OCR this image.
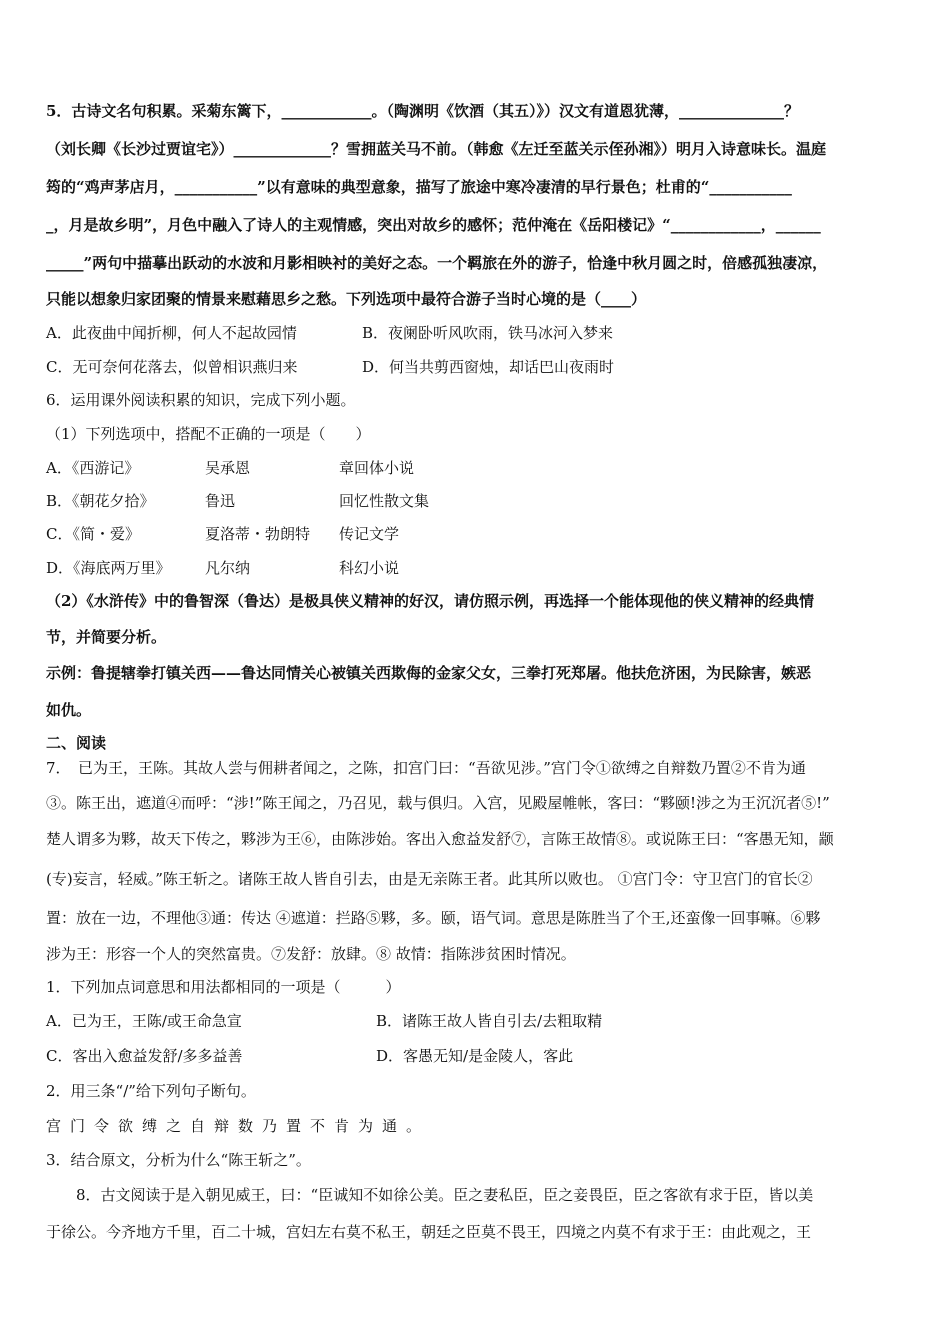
5．古诗文名句积累。采菊东篱下，____________。（陶渊明《饮酒（其五）》）汉文有道恩犹薄，______________？
（刘长卿《长沙过贾谊宅》）_____________？雪拥蓝关马不前。（韩愈《左迁至蓝关示侄孙湘》）明月入诗意味长。温庭
筠的“鸡声茅店月，___________”以有意味的典型意象，描写了旅途中寒冷凄清的早行景色；杜甫的“___________
_，月是故乡明”，月色中融入了诗人的主观情感，突出对故乡的感怀；范仲淹在《岳阳楼记》“____________，______
_____”两句中描摹出跃动的水波和月影相映衬的美好之态。一个羁旅在外的游子，恰逢中秋月圆之时，倍感孤独凄凉，
只能以想象归家团聚的情景来慰藉思乡之愁。下列选项中最符合游子当时心境的是（____）
A．此夜曲中闻折柳，何人不起故园情	B．夜阑卧听风吹雨，铁马冰河入梦来
C．无可奈何花落去，似曾相识燕归来	D．何当共剪西窗烛，却话巴山夜雨时
6．运用课外阅读积累的知识，完成下列小题。
（1）下列选项中，搭配不正确的一项是（　　）
A．《西游记》	吴承恩	章回体小说
B．《朝花夕拾》	鲁迅	回忆性散文集
C．《简・爱》	夏洛蒂・勃朗特 传记文学
D．《海底两万里》 凡尔纳	科幻小说
（2）《水浒传》中的鲁智深（鲁达）是极具侠义精神的好汉，请仿照示例，再选择一个能体现他的侠义精神的经典情
节，并简要分析。
示例：鲁提辖拳打镇关西——鲁达同情关心被镇关西欺侮的金家父女，三拳打死郑屠。他扶危济困，为民除害，嫉恶
如仇。
二、阅读
7．　已为王，王陈。其故人尝与佣耕者闻之，之陈，扣宫门曰：“吾欲见涉。”宫门令①欲缚之自辩数乃置②不肯为通
③。陈王出，遮道④而呼：“涉!”陈王闻之，乃召见，载与俱归。入宫，见殿屋帷帐，客曰：“夥颐!涉之为王沉沉者⑤!”
楚人谓多为夥，故天下传之，夥涉为王⑥，由陈涉始。客出入愈益发舒⑦，言陈王故情⑧。或说陈王曰：“客愚无知，颛
(专)妄言，轻威。”陈王斩之。诸陈王故人皆自引去，由是无亲陈王者。此其所以败也。 ①宫门令：守卫宫门的官长②
置：放在一边，不理他③通：传达 ④遮道：拦路⑤夥，多。颐，语气词。意思是陈胜当了个王,还蛮像一回事嘛。⑥夥
涉为王：形容一个人的突然富贵。⑦发舒：放肆。⑧ 故情：指陈涉贫困时情况。
1．下列加点词意思和用法都相同的一项是（　　　）
A．已为王，王陈/或王命急宣	B．诸陈王故人皆自引去/去粗取精
C．客出入愈益发舒/多多益善	D．客愚无知/是金陵人，客此
2．用三条“/”给下列句子断句。
宫门令欲缚之自辩数乃置不肯为通。
3．结合原文，分析为什么“陈王斩之”。
8．古文阅读于是入朝见威王，曰：“臣诚知不如徐公美。臣之妻私臣，臣之妾畏臣，臣之客欲有求于臣，皆以美
于徐公。今齐地方千里，百二十城，宫妇左右莫不私王，朝廷之臣莫不畏王，四境之内莫不有求于王：由此观之，王
